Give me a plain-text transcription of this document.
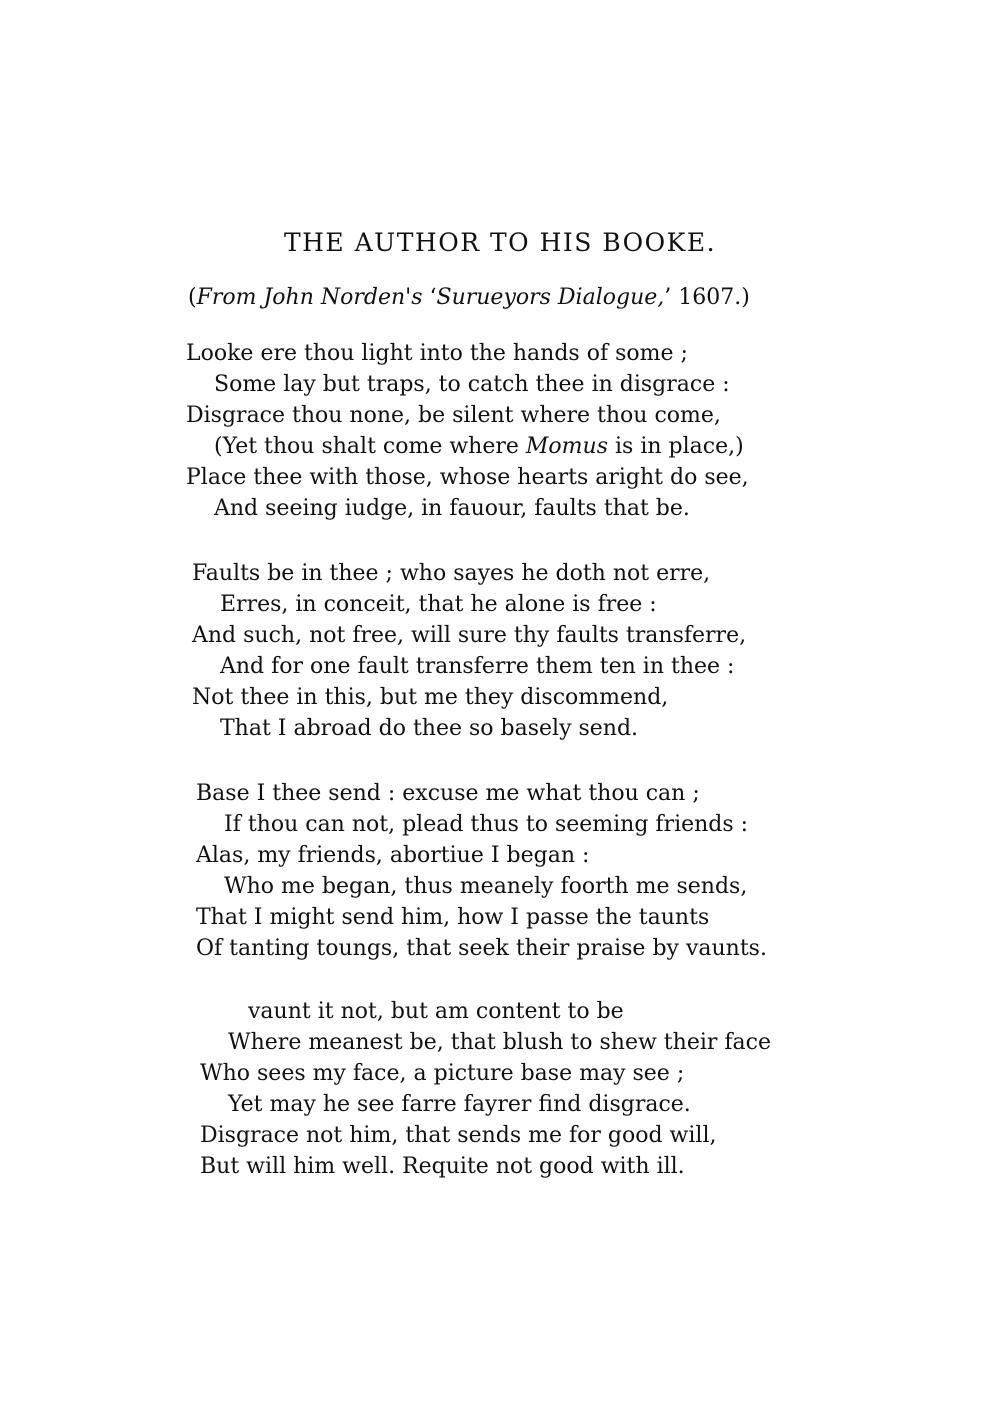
THE AUTHOR TO HIS BOOKE.

(From John Norden's ‘Surueyors Dialogue,’ 1607.)

Looke ere thou light into the hands of some ;

Some lay but traps, to catch thee in disgrace :

Disgrace thou none, be silent where thou come,

(Yet thou shalt come where Momus is in place,)

Place thee with those, whose hearts aright do see,

And seeing iudge, in fauour, faults that be.

Faults be in thee ; who sayes he doth not erre,

Erres, in conceit, that he alone is free :

And such, not free, will sure thy faults transferre,

And for one fault transferre them ten in thee :

Not thee in this, but me they discommend,

That I abroad do thee so basely send.

Base I thee send : excuse me what thou can ;

If thou can not, plead thus to seeming friends :

Alas, my friends, abortiue I began :

Who me began, thus meanely foorth me sends,

That I might send him, how I passe the taunts

Of tanting toungs, that seek their praise by vaunts.

vaunt it not, but am content to be

Where meanest be, that blush to shew their face

Who sees my face, a picture base may see ;

Yet may he see farre fayrer find disgrace.

Disgrace not him, that sends me for good will,

But will him well. Requite not good with ill.
